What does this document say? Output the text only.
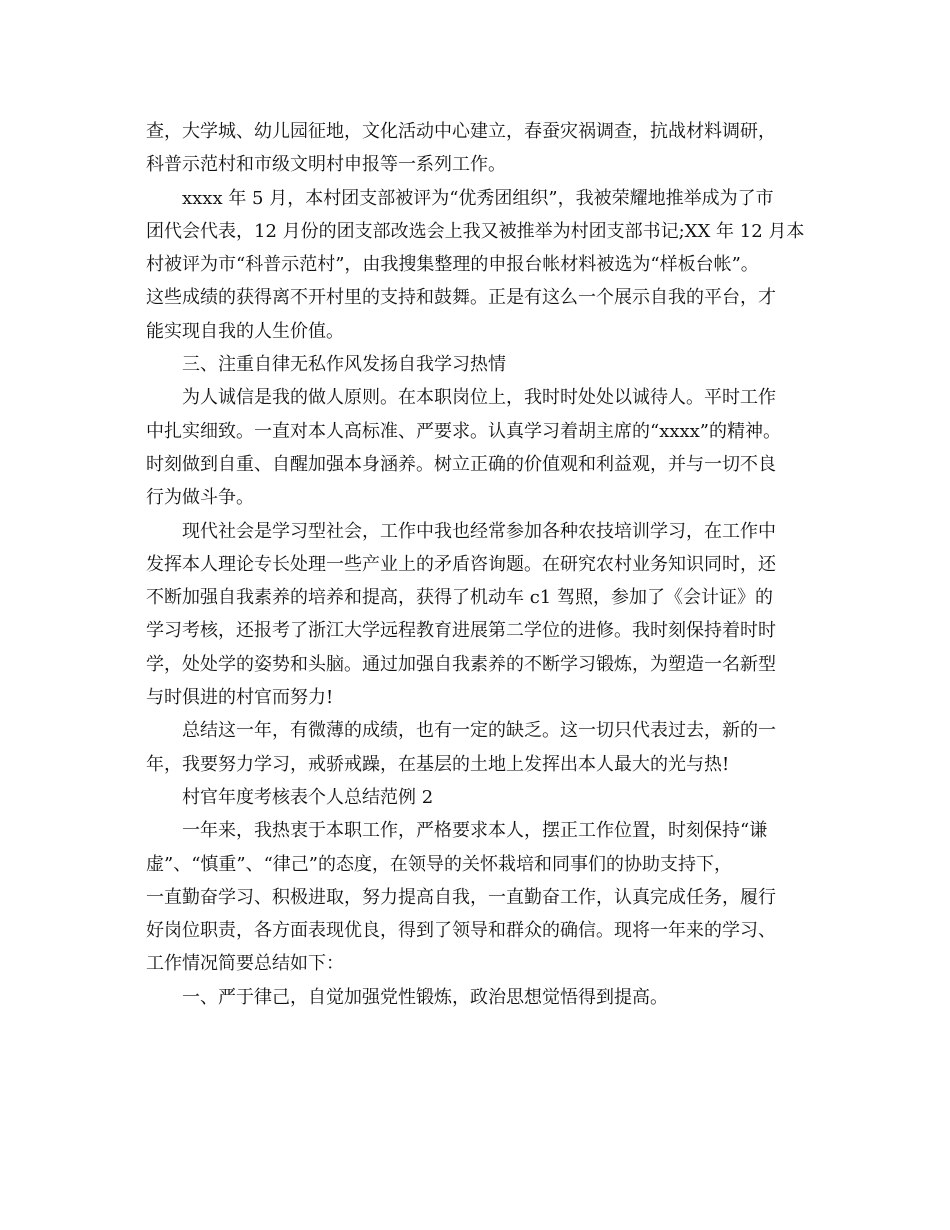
查，大学城、幼儿园征地，文化活动中心建立，春蚕灾祸调查，抗战材料调研，
科普示范村和市级文明村申报等一系列工作。

xxxx 年 5 月，本村团支部被评为“优秀团组织”，我被荣耀地推举成为了市
团代会代表，12 月份的团支部改选会上我又被推举为村团支部书记;XX 年 12 月本
村被评为市“科普示范村”，由我搜集整理的申报台帐材料被选为“样板台帐”。
这些成绩的获得离不开村里的支持和鼓舞。正是有这么一个展示自我的平台，才
能实现自我的人生价值。

三、注重自律无私作风发扬自我学习热情

为人诚信是我的做人原则。在本职岗位上，我时时处处以诚待人。平时工作
中扎实细致。一直对本人高标准、严要求。认真学习着胡主席的“xxxx”的精神。
时刻做到自重、自醒加强本身涵养。树立正确的价值观和利益观，并与一切不良
行为做斗争。

现代社会是学习型社会，工作中我也经常参加各种农技培训学习，在工作中
发挥本人理论专长处理一些产业上的矛盾咨询题。在研究农村业务知识同时，还
不断加强自我素养的培养和提高，获得了机动车 c1 驾照，参加了《会计证》的
学习考核，还报考了浙江大学远程教育进展第二学位的进修。我时刻保持着时时
学，处处学的姿势和头脑。通过加强自我素养的不断学习锻炼，为塑造一名新型
与时俱进的村官而努力!

总结这一年，有微薄的成绩，也有一定的缺乏。这一切只代表过去，新的一
年，我要努力学习，戒骄戒躁，在基层的土地上发挥出本人最大的光与热!

村官年度考核表个人总结范例 2

一年来，我热衷于本职工作，严格要求本人，摆正工作位置，时刻保持“谦
虚”、“慎重”、“律己”的态度，在领导的关怀栽培和同事们的协助支持下，
一直勤奋学习、积极进取，努力提高自我，一直勤奋工作，认真完成任务，履行
好岗位职责，各方面表现优良，得到了领导和群众的确信。现将一年来的学习、
工作情况简要总结如下：

一、严于律己，自觉加强党性锻炼，政治思想觉悟得到提高。
